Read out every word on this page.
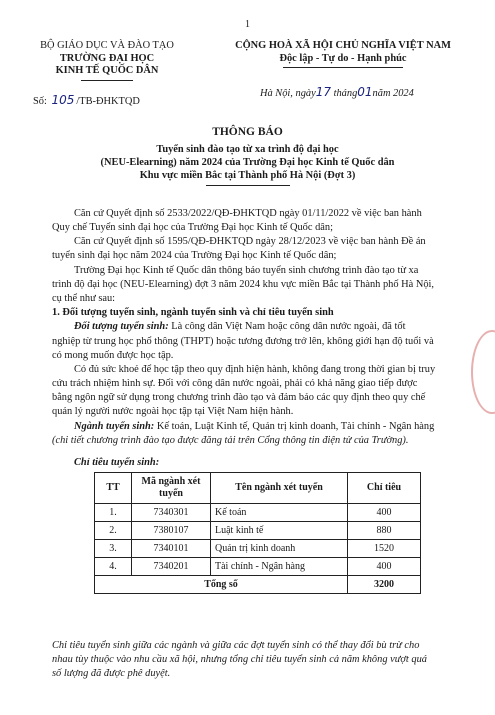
1
BỘ GIÁO DỤC VÀ ĐÀO TẠO
TRƯỜNG ĐẠI HỌC
KINH TẾ QUỐC DÂN
Số: 105 /TB-ĐHKTQD
CỘNG HOÀ XÃ HỘI CHỦ NGHĨA VIỆT NAM
Độc lập - Tự do - Hạnh phúc
Hà Nội, ngày17 tháng01năm 2024
THÔNG BÁO
Tuyển sinh đào tạo từ xa trình độ đại học
(NEU-Elearning) năm 2024 của Trường Đại học Kinh tế Quốc dân
Khu vực miền Bắc tại Thành phố Hà Nội (Đợt 3)
Căn cứ Quyết định số 2533/2022/QĐ-ĐHKTQD ngày 01/11/2022 về việc ban hành
Quy chế Tuyển sinh đại học của Trường Đại học Kinh tế Quốc dân;
Căn cứ Quyết định số 1595/QĐ-ĐHKTQD ngày 28/12/2023 về việc ban hành Đề án
tuyển sinh đại học năm 2024 của Trường Đại học Kinh tế Quốc dân;
Trường Đại học Kinh tế Quốc dân thông báo tuyển sinh chương trình đào tạo từ xa
trình độ đại học (NEU-Elearning) đợt 3 năm 2024 khu vực miền Bắc tại Thành phố Hà Nội,
cụ thể như sau:
1. Đối tượng tuyển sinh, ngành tuyển sinh và chỉ tiêu tuyển sinh
Đối tượng tuyển sinh: Là công dân Việt Nam hoặc công dân nước ngoài, đã tốt
nghiệp từ trung học phổ thông (THPT) hoặc tương đương trở lên, không giới hạn độ tuổi và
có mong muốn được học tập.
Có đủ sức khoẻ để học tập theo quy định hiện hành, không đang trong thời gian bị truy
cứu trách nhiệm hình sự. Đối với công dân nước ngoài, phải có khả năng giao tiếp được
bằng ngôn ngữ sử dụng trong chương trình đào tạo và đảm bảo các quy định theo quy chế
quản lý người nước ngoài học tập tại Việt Nam hiện hành.
Ngành tuyển sinh: Kế toán, Luật Kinh tế, Quản trị kinh doanh, Tài chính - Ngân hàng
(chi tiết chương trình đào tạo được đăng tải trên Cổng thông tin điện tử của Trường).
Chỉ tiêu tuyển sinh:
TT	Mã ngành xét tuyển	Tên ngành xét tuyển	Chỉ tiêu
1.	7340301	Kế toán	400
2.	7380107	Luật kinh tế	880
3.	7340101	Quản trị kinh doanh	1520
4.	7340201	Tài chính - Ngân hàng	400
Tổng số			3200
Chỉ tiêu tuyển sinh giữa các ngành và giữa các đợt tuyển sinh có thể thay đổi bù trừ cho
nhau tùy thuộc vào nhu cầu xã hội, nhưng tổng chỉ tiêu tuyển sinh cả năm không vượt quá
số lượng đã được phê duyệt.
